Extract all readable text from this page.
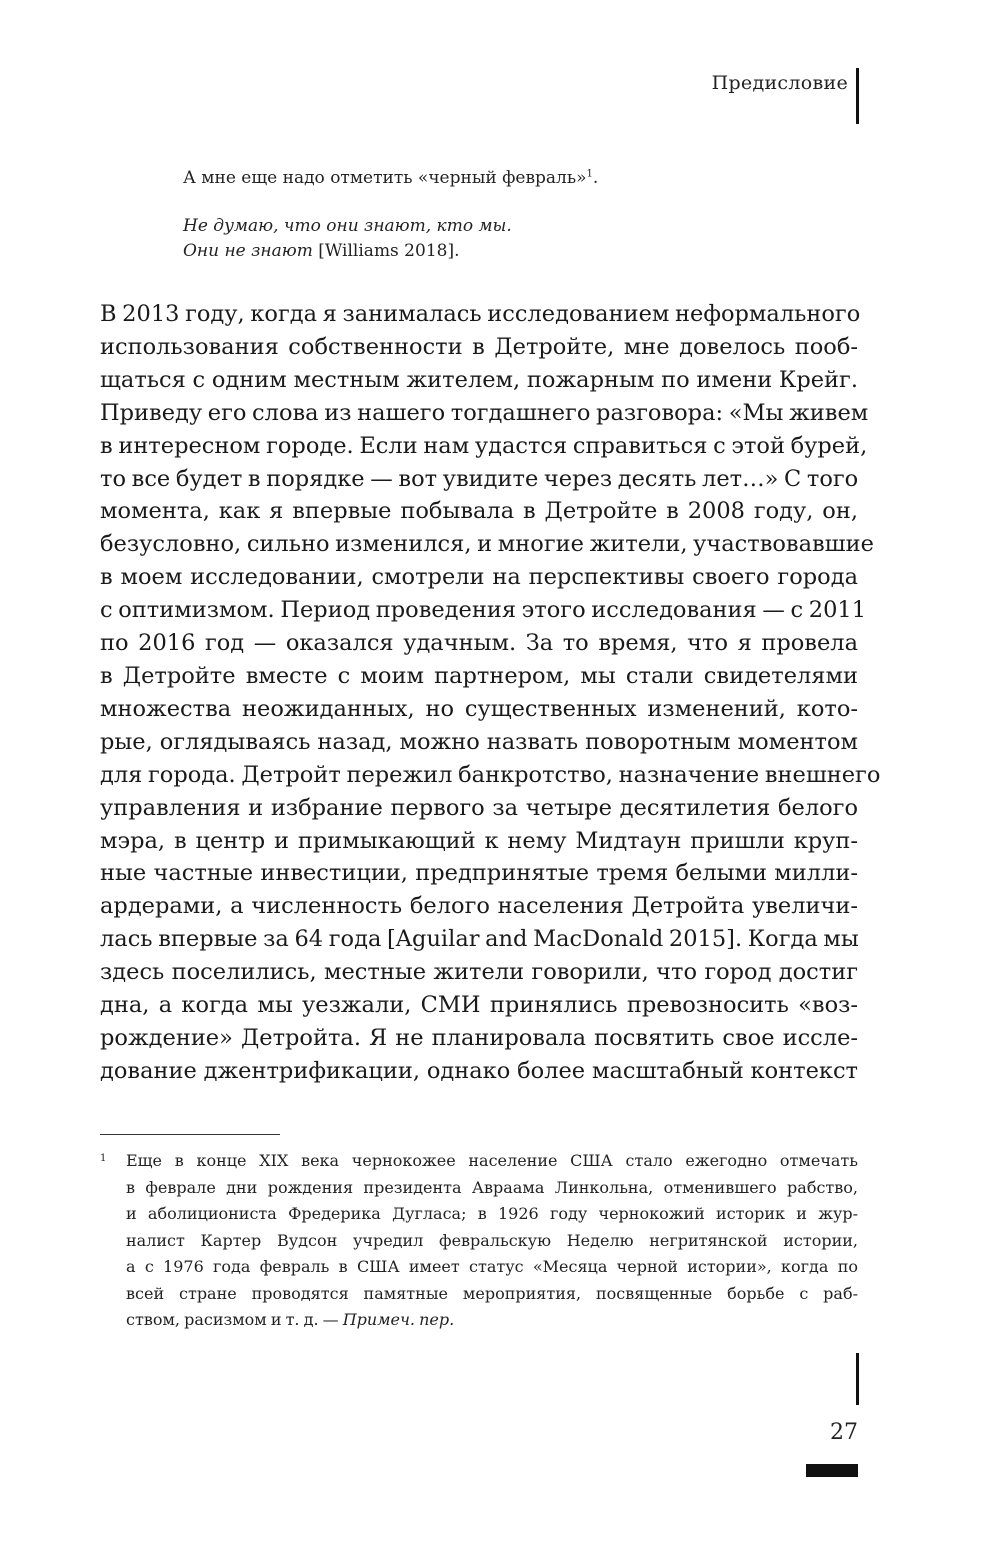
Предисловие

А мне еще надо отметить «черный февраль»$^1$.

Не думаю, что они знают, кто мы.

Они не знают [Williams 2018].

В 2013 году, когда я занималась исследованием неформального
использования собственности в Детройте, мне довелось пооб-
щаться с одним местным жителем, пожарным по имени Крейг.
Приведу его слова из нашего тогдашнего разговора: «Мы живем
в интересном городе. Если нам удастся справиться с этой бурей,
то все будет в порядке — вот увидите через десять лет…» С того
момента, как я впервые побывала в Детройте в 2008 году, он,
безусловно, сильно изменился, и многие жители, участвовавшие
в моем исследовании, смотрели на перспективы своего города
с оптимизмом. Период проведения этого исследования — с 2011
по 2016 год — оказался удачным. За то время, что я провела
в Детройте вместе с моим партнером, мы стали свидетелями
множества неожиданных, но существенных изменений, кото-
рые, оглядываясь назад, можно назвать поворотным моментом
для города. Детройт пережил банкротство, назначение внешнего
управления и избрание первого за четыре десятилетия белого
мэра, в центр и примыкающий к нему Мидтаун пришли круп-
ные частные инвестиции, предпринятые тремя белыми милли-
ардерами, а численность белого населения Детройта увеличи-
лась впервые за 64 года [Aguilar and MacDonald 2015]. Когда мы
здесь поселились, местные жители говорили, что город достиг
дна, а когда мы уезжали, СМИ принялись превозносить «воз-
рождение» Детройта. Я не планировала посвятить свое иссле-
дование джентрификации, однако более масштабный контекст
1 Еще в конце XIX века чернокожее население США стало ежегодно отмечать
в феврале дни рождения президента Авраама Линкольна, отменившего рабство,
и аболициониста Фредерика Дугласа; в 1926 году чернокожий историк и жур-
налист Картер Вудсон учредил февральскую Неделю негритянской истории,
а с 1976 года февраль в США имеет статус «Месяца черной истории», когда по
всей стране проводятся памятные мероприятия, посвященные борьбе с раб-
ством, расизмом и т. д. — Примеч. пер.
27
